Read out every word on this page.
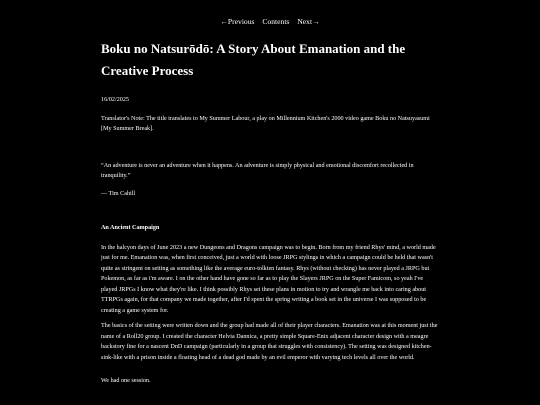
←Previous Contents Next→
Boku no Natsurōdō: A Story About Emanation and the Creative Process
16/02/2025

Translator's Note: The title translates to My Summer Labour, a play on Millennium Kitchen's 2000 video game Boku no Natsuyasumi [My Summer Break].

“An adventure is never an adventure when it happens. An adventure is simply physical and emotional discomfort recollected in tranquility.”

— Tim Cahill

An Ancient Campaign

In the halcyon days of June 2023 a new Dungeons and Dragons campaign was to begin. Born from my friend Rhys' mind, a world made just for me. Emanation was, when first conceived, just a world with loose JRPG stylings in which a campaign could be held that wasn't quite as stringent on setting as something like the average euro-tolkien fantasy. Rhys (without checking) has never played a JRPG but Pokemon, as far as i'm aware. I on the other hand have gone so far as to play the Slayers JRPG on the Super Famicom, so yeah I've played JRPGs I know what they're like. I think possibly Rhys set these plans in motion to try and wrangle me back into caring about TTRPGs again, for that company we made together, after I'd spent the spring writing a book set in the universe I was supposed to be creating a game system for.

The basics of the setting were written down and the group had made all of their player characters. Emanation was at this moment just the name of a Roll20 group. I created the character Helvia Dannica, a pretty simple Square-Enix adjacent character design with a meagre backstory fine for a nascent DnD campaign (particularly in a group that struggles with consistency). The setting was designed kitchen-sink-like with a prison inside a floating head of a dead god made by an evil emperor with varying tech levels all over the world.

We had one session.
